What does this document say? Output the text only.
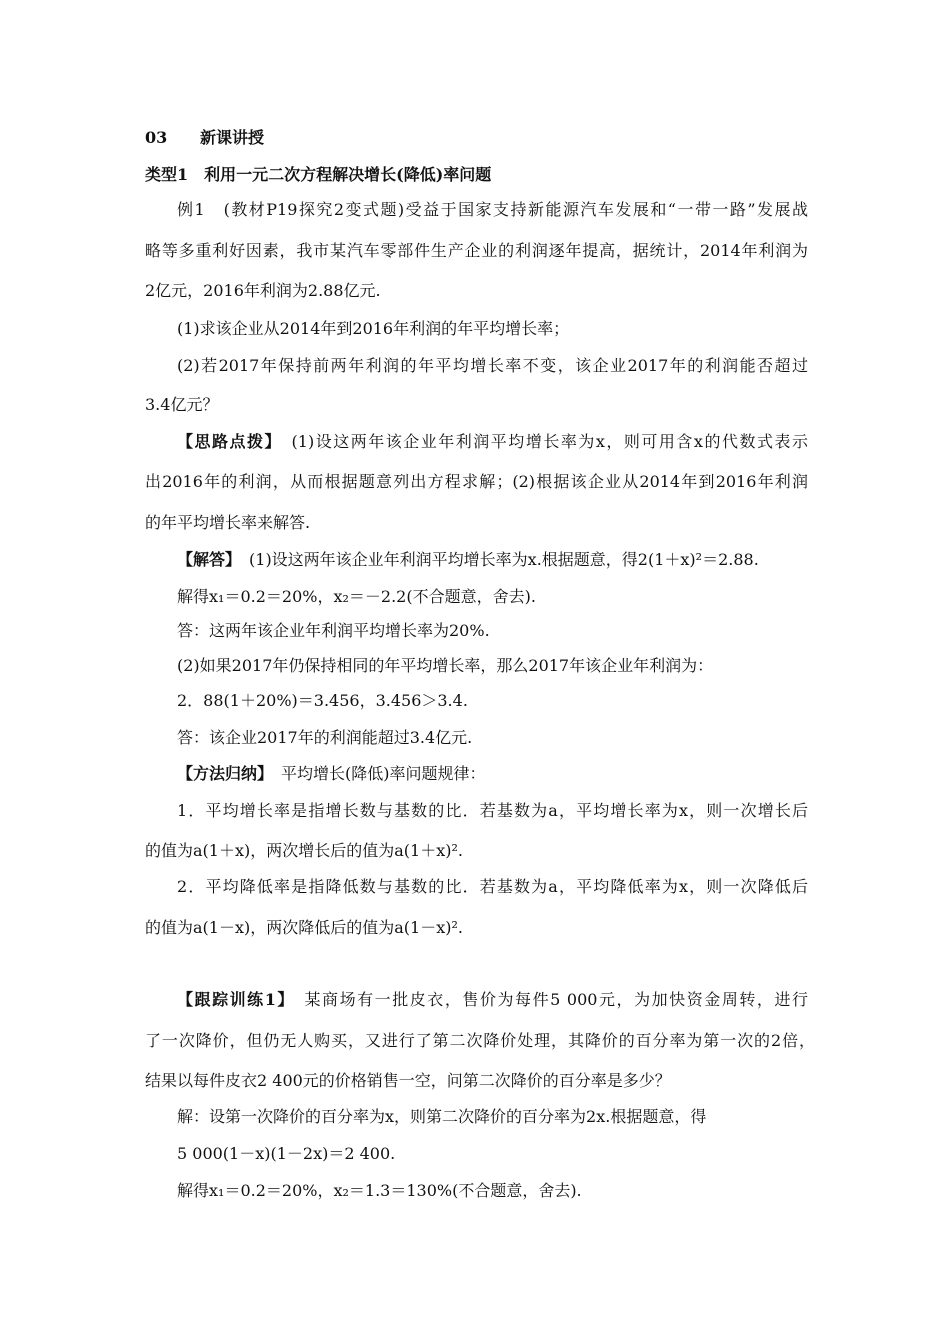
03 新课讲授
类型1　利用一元二次方程解决增长(降低)率问题
例1　(教材P19探究2变式题)受益于国家支持新能源汽车发展和“一带一路”发展战
略等多重利好因素，我市某汽车零部件生产企业的利润逐年提高，据统计，2014年利润为
2亿元，2016年利润为2.88亿元.
(1)求该企业从2014年到2016年利润的年平均增长率；
(2)若2017年保持前两年利润的年平均增长率不变，该企业2017年的利润能否超过
3.4亿元？
【思路点拨】　(1)设这两年该企业年利润平均增长率为x，则可用含x的代数式表示
出2016年的利润，从而根据题意列出方程求解；(2)根据该企业从2014年到2016年利润
的年平均增长率来解答.
【解答】　(1)设这两年该企业年利润平均增长率为x.根据题意，得2(1＋x)²＝2.88.
解得x₁＝0.2＝20%，x₂＝－2.2(不合题意，舍去).
答：这两年该企业年利润平均增长率为20%.
(2)如果2017年仍保持相同的年平均增长率，那么2017年该企业年利润为：
2．88(1＋20%)＝3.456，3.456＞3.4.
答：该企业2017年的利润能超过3.4亿元.
【方法归纳】　平均增长(降低)率问题规律：
1．平均增长率是指增长数与基数的比．若基数为a，平均增长率为x，则一次增长后
的值为a(1＋x)，两次增长后的值为a(1＋x)².
2．平均降低率是指降低数与基数的比．若基数为a，平均降低率为x，则一次降低后
的值为a(1－x)，两次降低后的值为a(1－x)².
【跟踪训练1】　某商场有一批皮衣，售价为每件5 000元，为加快资金周转，进行
了一次降价，但仍无人购买，又进行了第二次降价处理，其降价的百分率为第一次的2倍，
结果以每件皮衣2 400元的价格销售一空，问第二次降价的百分率是多少？
解：设第一次降价的百分率为x，则第二次降价的百分率为2x.根据题意，得
5 000(1－x)(1－2x)＝2 400.
解得x₁＝0.2＝20%，x₂＝1.3＝130%(不合题意，舍去).
